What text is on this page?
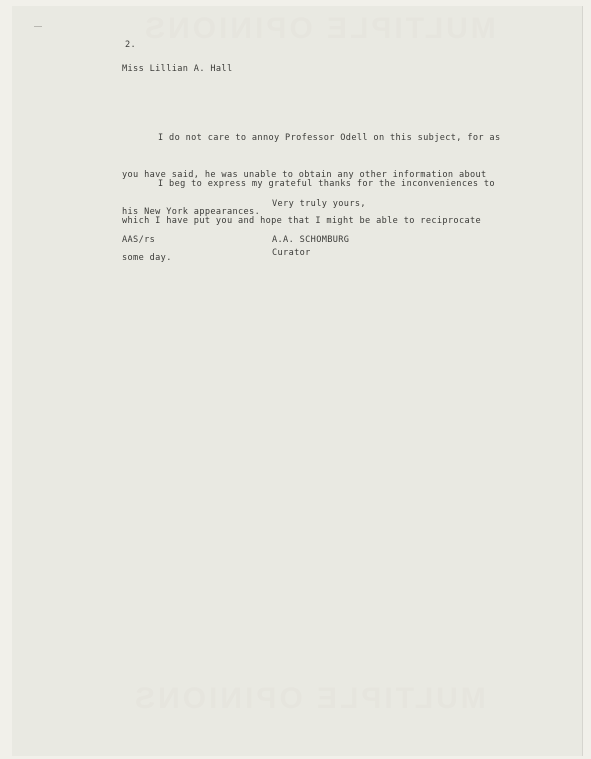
MULTIPLE OPINIONS
MULTIPLE OPINIONS
2.
Miss Lillian A. Hall

I do not care to annoy Professor Odell on this subject, for as

you have said, he was unable to obtain any other information about

his New York appearances.

I beg to express my grateful thanks for the inconveniences to

which I have put you and hope that I might be able to reciprocate

some day.

Very truly yours,
AAS/rs	A.A. SCHOMBURG
Curator
